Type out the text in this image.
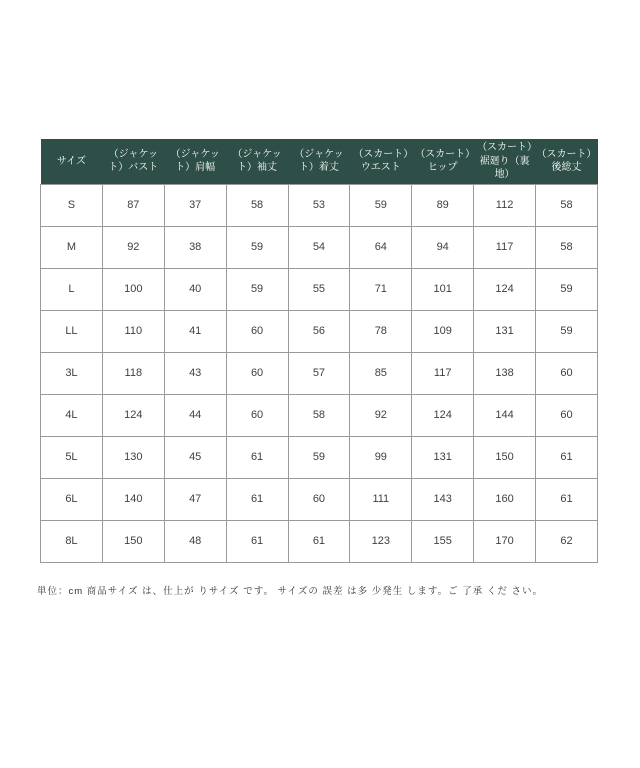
サイズ	（ジャケット）バスト	（ジャケット）肩幅	（ジャケット）袖丈	（ジャケット）着丈	（スカート）ウエスト	（スカート）ヒップ	（スカート）裾廻り（裏地）	（スカート）後総丈
S	87	37	58	53	59	89	112	58
M	92	38	59	54	64	94	117	58
L	100	40	59	55	71	101	124	59
LL	110	41	60	56	78	109	131	59
3L	118	43	60	57	85	117	138	60
4L	124	44	60	58	92	124	144	60
5L	130	45	61	59	99	131	150	61
6L	140	47	61	60	111	143	160	61
8L	150	48	61	61	123	155	170	62
単位：cm 商品サイズ は、仕上が りサイズ です。 サイズの 誤差 は多 少発生 します。ご 了承 くだ さい。
